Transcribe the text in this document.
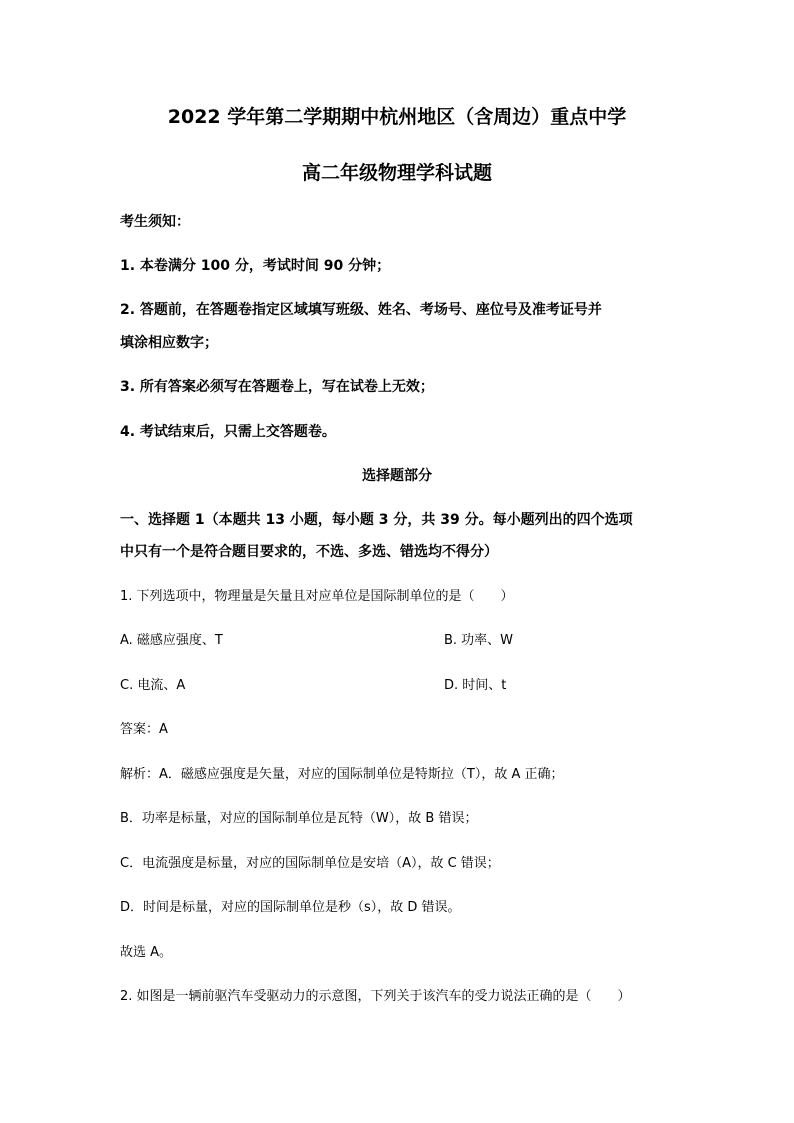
2022 学年第二学期期中杭州地区（含周边）重点中学
高二年级物理学科试题
考生须知：
1. 本卷满分 100 分，考试时间 90 分钟；
2. 答题前，在答题卷指定区域填写班级、姓名、考场号、座位号及准考证号并
填涂相应数字；
3. 所有答案必须写在答题卷上，写在试卷上无效；
4. 考试结束后，只需上交答题卷。
选择题部分
一、选择题 1（本题共 13 小题，每小题 3 分，共 39 分。每小题列出的四个选项
中只有一个是符合题目要求的，不选、多选、错选均不得分）
1. 下列选项中，物理量是矢量且对应单位是国际制单位的是（　　）
A. 磁感应强度、T	B. 功率、W
C. 电流、A	D. 时间、t
答案：A
解析：A．磁感应强度是矢量，对应的国际制单位是特斯拉（T），故 A 正确；
B．功率是标量，对应的国际制单位是瓦特（W），故 B 错误；
C．电流强度是标量，对应的国际制单位是安培（A），故 C 错误；
D．时间是标量，对应的国际制单位是秒（s），故 D 错误。
故选 A。
2. 如图是一辆前驱汽车受驱动力的示意图，下列关于该汽车的受力说法正确的是（　　）
